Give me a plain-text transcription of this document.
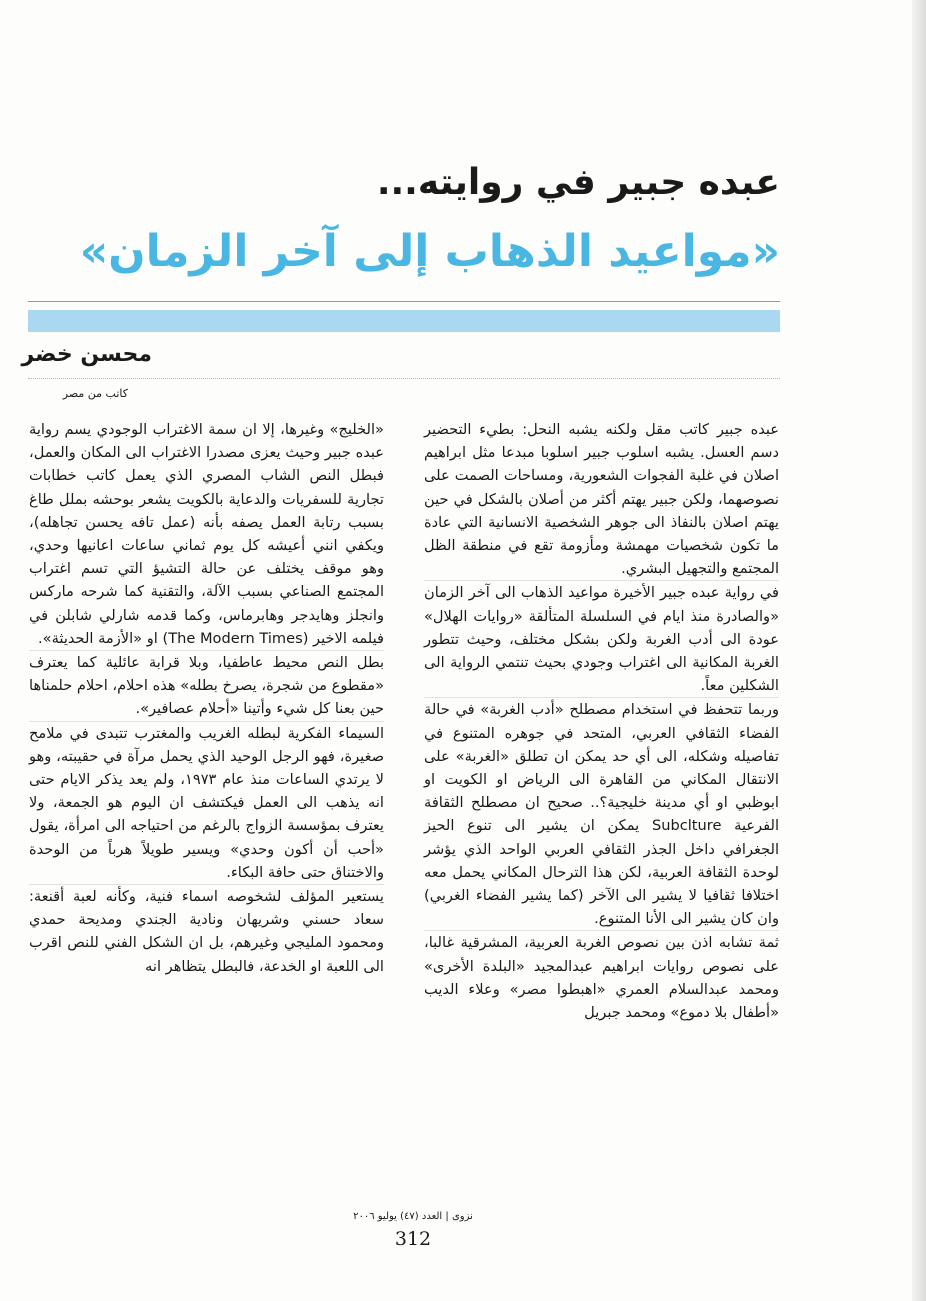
عبده جبير في روايته...
«مواعيد الذهاب إلى آخر الزمان»
محسن خضر
كاتب من مصر

عبده جبير كاتب مقل ولكنه يشبه النحل: بطيء التحضير دسم العسل. يشبه اسلوب جبير اسلوبا مبدعا مثل ابراهيم اصلان في غلبة الفجوات الشعورية، ومساحات الصمت على نصوصهما، ولكن جبير يهتم أكثر من أصلان بالشكل في حين يهتم اصلان بالنفاذ الى جوهر الشخصية الانسانية التي عادة ما تكون شخصيات مهمشة ومأزومة تقع في منطقة الظل المجتمع والتجهيل البشري.

في رواية عبده جبير الأخيرة مواعيد الذهاب الى آخر الزمان «والصادرة منذ ايام في السلسلة المتألقة «روايات الهلال» عودة الى أدب الغربة ولكن بشكل مختلف، وحيث تتطور الغربة المكانية الى اغتراب وجودي بحيث تنتمي الرواية الى الشكلين معاً.

وربما تتحفظ في استخدام مصطلح «أدب الغربة» في حالة الفضاء الثقافي العربي، المتحد في جوهره المتنوع في تفاصيله وشكله، الى أي حد يمكن ان تطلق «الغربة» على الانتقال المكاني من القاهرة الى الرياض او الكويت او ابوظبي او أي مدينة خليجية؟.. صحيح ان مصطلح الثقافة الفرعية Subclture يمكن ان يشير الى تنوع الحيز الجغرافي داخل الجذر الثقافي العربي الواحد الذي يؤشر لوحدة الثقافة العربية، لكن هذا الترحال المكاني يحمل معه اختلافا ثقافيا لا يشير الى الآخر (كما يشير الفضاء الغربي) وان كان يشير الى الأنا المتنوع.

ثمة تشابه اذن بين نصوص الغربة العربية، المشرقية غالبا، على نصوص روايات ابراهيم عبدالمجيد «البلدة الأخرى» ومحمد عبدالسلام العمري «اهبطوا مصر» وعلاء الديب «أطفال بلا دموع» ومحمد جبريل

«الخليج» وغيرها، إلا ان سمة الاغتراب الوجودي يسم رواية عبده جبير وحيث يعزى مصدرا الاغتراب الى المكان والعمل، فبطل النص الشاب المصري الذي يعمل كاتب خطابات تجارية للسفريات والدعاية بالكويت يشعر بوحشه بملل طاغ بسبب رتابة العمل يصفه بأنه (عمل تافه يحسن تجاهله)، ويكفي انني أعيشه كل يوم ثماني ساعات اعانيها وحدي، وهو موقف يختلف عن حالة التشيؤ التي تسم اغتراب المجتمع الصناعي بسبب الآلة، والتقنية كما شرحه ماركس وانجلز وهايدجر وهابرماس، وكما قدمه شارلي شابلن في فيلمه الاخير (The Modern Times) او «الأزمة الحديثة».

بطل النص محيط عاطفيا، وبلا قرابة عائلية كما يعترف «مقطوع من شجرة، يصرخ بطله» هذه احلام، احلام حلمناها حين بعنا كل شيء وأتينا «أحلام عصافير».

السيماء الفكرية لبطله الغريب والمغترب تتبدى في ملامح صغيرة، فهو الرجل الوحيد الذي يحمل مرآة في حقيبته، وهو لا يرتدي الساعات منذ عام ١٩٧٣، ولم يعد يذكر الايام حتى انه يذهب الى العمل فيكتشف ان اليوم هو الجمعة، ولا يعترف بمؤسسة الزواج بالرغم من احتياجه الى امرأة، يقول «أحب أن أكون وحدي» ويسير طويلاً هرباً من الوحدة والاختناق حتى حافة البكاء.

يستعير المؤلف لشخوصه اسماء فنية، وكأنه لعبة أقنعة: سعاد حسني وشريهان ونادية الجندي ومديحة حمدي ومحمود المليجي وغيرهم، بل ان الشكل الفني للنص اقرب الى اللعبة او الخدعة، فالبطل يتظاهر انه

نزوى | العدد (٤٧) يوليو ٢٠٠٦
312
